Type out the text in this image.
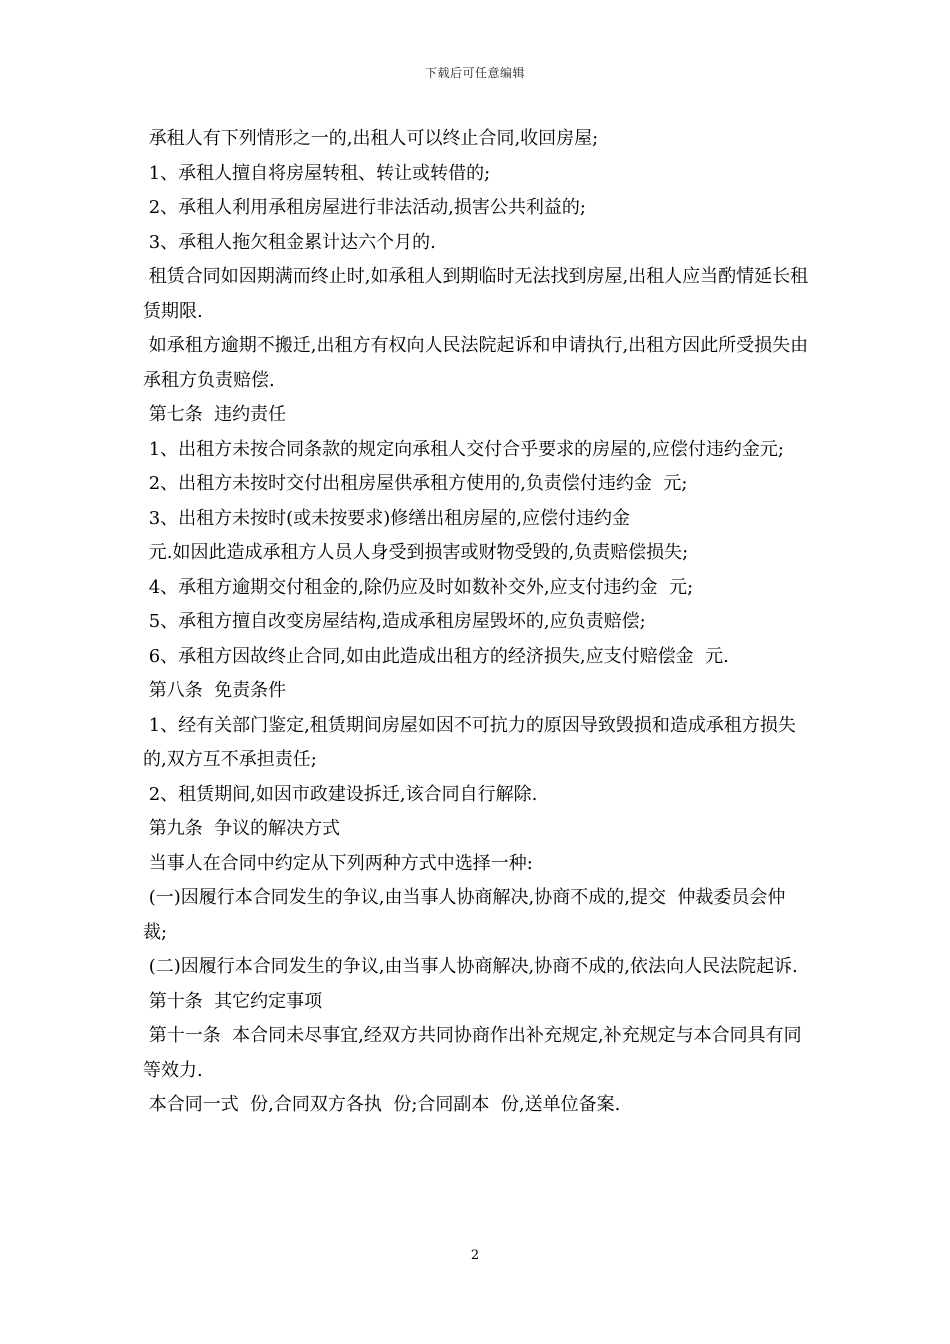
下载后可任意编辑

承租人有下列情形之一的,出租人可以终止合同,收回房屋;

1、承租人擅自将房屋转租、转让或转借的;

2、承租人利用承租房屋进行非法活动,损害公共利益的;

3、承租人拖欠租金累计达六个月的.

租赁合同如因期满而终止时,如承租人到期临时无法找到房屋,出租人应当酌情延长租赁期限.

如承租方逾期不搬迁,出租方有权向人民法院起诉和申请执行,出租方因此所受损失由承租方负责赔偿.

第七条  违约责任

1、出租方未按合同条款的规定向承租人交付合乎要求的房屋的,应偿付违约金元;

2、出租方未按时交付出租房屋供承租方使用的,负责偿付违约金  元;

3、出租方未按时(或未按要求)修缮出租房屋的,应偿付违约金

元.如因此造成承租方人员人身受到损害或财物受毁的,负责赔偿损失;

4、承租方逾期交付租金的,除仍应及时如数补交外,应支付违约金  元;

5、承租方擅自改变房屋结构,造成承租房屋毁坏的,应负责赔偿;

6、承租方因故终止合同,如由此造成出租方的经济损失,应支付赔偿金  元.

第八条  免责条件

1、经有关部门鉴定,租赁期间房屋如因不可抗力的原因导致毁损和造成承租方损失的,双方互不承担责任;

2、租赁期间,如因市政建设拆迁,该合同自行解除.

第九条  争议的解决方式

当事人在合同中约定从下列两种方式中选择一种:

(一)因履行本合同发生的争议,由当事人协商解决,协商不成的,提交  仲裁委员会仲裁;

(二)因履行本合同发生的争议,由当事人协商解决,协商不成的,依法向人民法院起诉.

第十条  其它约定事项

第十一条  本合同未尽事宜,经双方共同协商作出补充规定,补充规定与本合同具有同等效力.

本合同一式  份,合同双方各执  份;合同副本  份,送单位备案.

2
